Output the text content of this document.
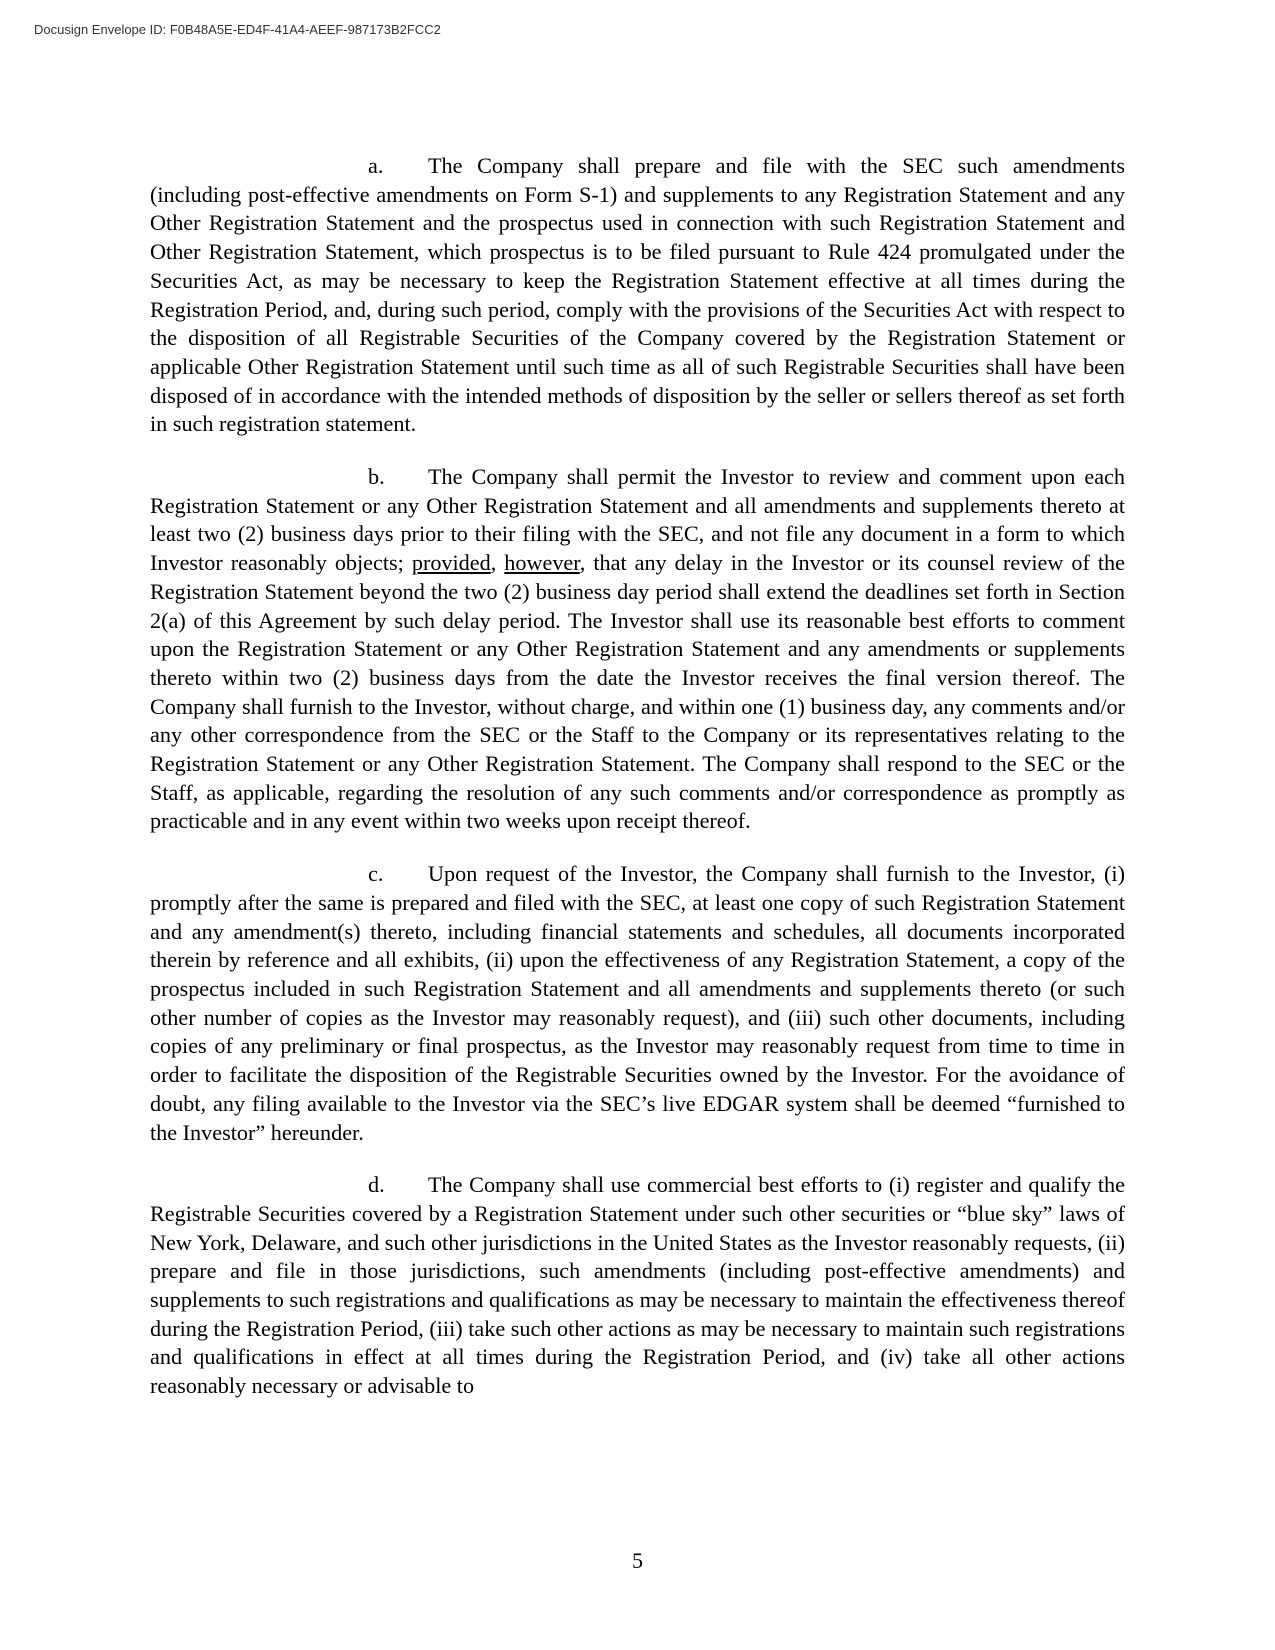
Docusign Envelope ID: F0B48A5E-ED4F-41A4-AEEF-987173B2FCC2

a. The Company shall prepare and file with the SEC such amendments (including post-effective amendments on Form S-1) and supplements to any Registration Statement and any Other Registration Statement and the prospectus used in connection with such Registration Statement and Other Registration Statement, which prospectus is to be filed pursuant to Rule 424 promulgated under the Securities Act, as may be necessary to keep the Registration Statement effective at all times during the Registration Period, and, during such period, comply with the provisions of the Securities Act with respect to the disposition of all Registrable Securities of the Company covered by the Registration Statement or applicable Other Registration Statement until such time as all of such Registrable Securities shall have been disposed of in accordance with the intended methods of disposition by the seller or sellers thereof as set forth in such registration statement.

b. The Company shall permit the Investor to review and comment upon each Registration Statement or any Other Registration Statement and all amendments and supplements thereto at least two (2) business days prior to their filing with the SEC, and not file any document in a form to which Investor reasonably objects; provided, however, that any delay in the Investor or its counsel review of the Registration Statement beyond the two (2) business day period shall extend the deadlines set forth in Section 2(a) of this Agreement by such delay period. The Investor shall use its reasonable best efforts to comment upon the Registration Statement or any Other Registration Statement and any amendments or supplements thereto within two (2) business days from the date the Investor receives the final version thereof. The Company shall furnish to the Investor, without charge, and within one (1) business day, any comments and/or any other correspondence from the SEC or the Staff to the Company or its representatives relating to the Registration Statement or any Other Registration Statement. The Company shall respond to the SEC or the Staff, as applicable, regarding the resolution of any such comments and/or correspondence as promptly as practicable and in any event within two weeks upon receipt thereof.

c. Upon request of the Investor, the Company shall furnish to the Investor, (i) promptly after the same is prepared and filed with the SEC, at least one copy of such Registration Statement and any amendment(s) thereto, including financial statements and schedules, all documents incorporated therein by reference and all exhibits, (ii) upon the effectiveness of any Registration Statement, a copy of the prospectus included in such Registration Statement and all amendments and supplements thereto (or such other number of copies as the Investor may reasonably request), and (iii) such other documents, including copies of any preliminary or final prospectus, as the Investor may reasonably request from time to time in order to facilitate the disposition of the Registrable Securities owned by the Investor. For the avoidance of doubt, any filing available to the Investor via the SEC’s live EDGAR system shall be deemed “furnished to the Investor” hereunder.

d. The Company shall use commercial best efforts to (i) register and qualify the Registrable Securities covered by a Registration Statement under such other securities or “blue sky” laws of New York, Delaware, and such other jurisdictions in the United States as the Investor reasonably requests, (ii) prepare and file in those jurisdictions, such amendments (including post-effective amendments) and supplements to such registrations and qualifications as may be necessary to maintain the effectiveness thereof during the Registration Period, (iii) take such other actions as may be necessary to maintain such registrations and qualifications in effect at all times during the Registration Period, and (iv) take all other actions reasonably necessary or advisable to

5
